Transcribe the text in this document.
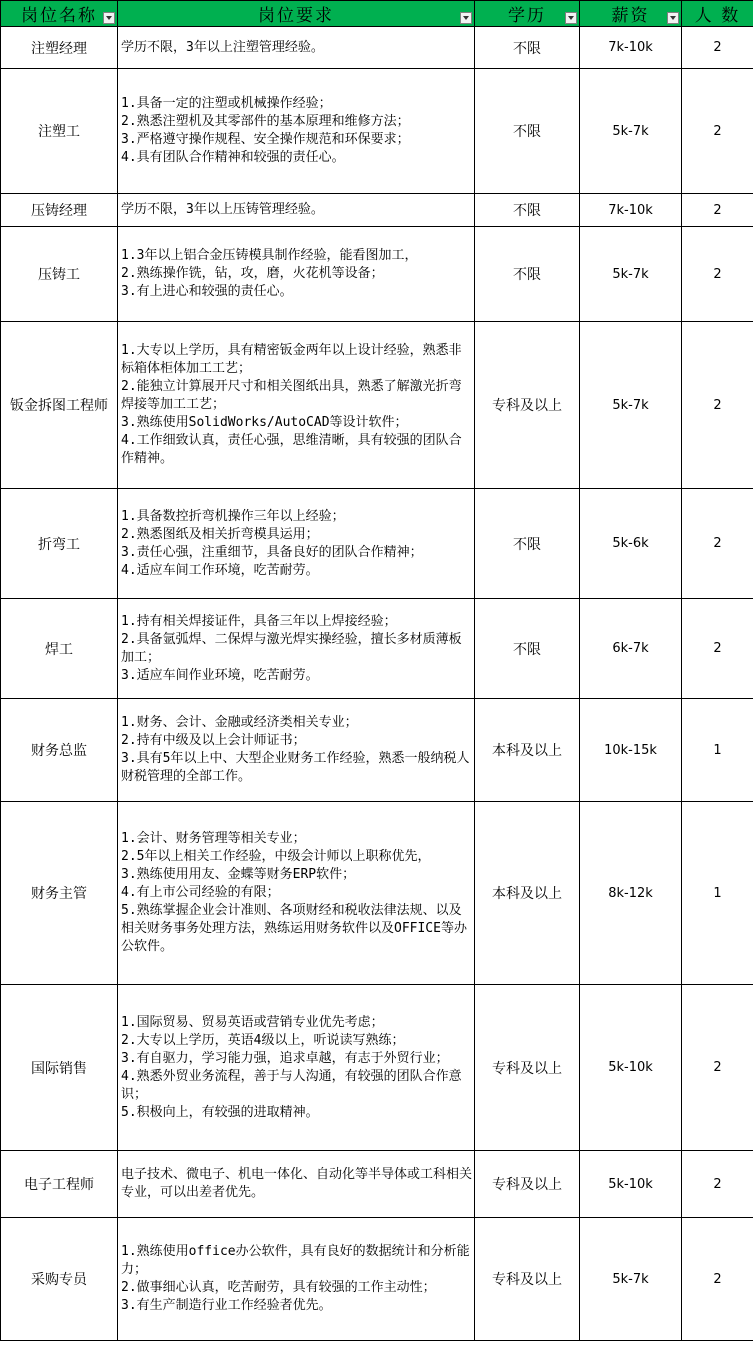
岗位名称	岗位要求	学历	薪资	人 数
注塑经理	学历不限，3年以上注塑管理经验。	不限	7k-10k	2
注塑工	1.具备一定的注塑或机械操作经验；
2.熟悉注塑机及其零部件的基本原理和维修方法；
3.严格遵守操作规程、安全操作规范和环保要求；
4.具有团队合作精神和较强的责任心。	不限	5k-7k	2
压铸经理	学历不限，3年以上压铸管理经验。	不限	7k-10k	2
压铸工	1.3年以上铝合金压铸模具制作经验，能看图加工，
2.熟练操作铣，钻，攻，磨，火花机等设备；
3.有上进心和较强的责任心。	不限	5k-7k	2
钣金拆图工程师	1.大专以上学历，具有精密钣金两年以上设计经验，熟悉非标箱体柜体加工工艺；
2.能独立计算展开尺寸和相关图纸出具，熟悉了解激光折弯焊接等加工工艺；
3.熟练使用SolidWorks/AutoCAD等设计软件；
4.工作细致认真，责任心强，思维清晰，具有较强的团队合作精神。	专科及以上	5k-7k	2
折弯工	1.具备数控折弯机操作三年以上经验；
2.熟悉图纸及相关折弯模具运用；
3.责任心强，注重细节，具备良好的团队合作精神；
4.适应车间工作环境，吃苦耐劳。	不限	5k-6k	2
焊工	1.持有相关焊接证件，具备三年以上焊接经验；
2.具备氩弧焊、二保焊与激光焊实操经验，擅长多材质薄板加工；
3.适应车间作业环境，吃苦耐劳。	不限	6k-7k	2
财务总监	1.财务、会计、金融或经济类相关专业；
2.持有中级及以上会计师证书；
3.具有5年以上中、大型企业财务工作经验，熟悉一般纳税人财税管理的全部工作。	本科及以上	10k-15k	1
财务主管	1.会计、财务管理等相关专业；
2.5年以上相关工作经验，中级会计师以上职称优先，
3.熟练使用用友、金蝶等财务ERP软件；
4.有上市公司经验的有限；
5.熟练掌握企业会计准则、各项财经和税收法律法规、以及相关财务事务处理方法，熟练运用财务软件以及OFFICE等办公软件。	本科及以上	8k-12k	1
国际销售	1.国际贸易、贸易英语或营销专业优先考虑；
2.大专以上学历，英语4级以上，听说读写熟练；
3.有自驱力，学习能力强，追求卓越，有志于外贸行业；
4.熟悉外贸业务流程，善于与人沟通，有较强的团队合作意识；
5.积极向上，有较强的进取精神。	专科及以上	5k-10k	2
电子工程师	电子技术、微电子、机电一体化、自动化等半导体或工科相关专业，可以出差者优先。	专科及以上	5k-10k	2
采购专员	1.熟练使用office办公软件，具有良好的数据统计和分析能力；
2.做事细心认真，吃苦耐劳，具有较强的工作主动性；
3.有生产制造行业工作经验者优先。	专科及以上	5k-7k	2
